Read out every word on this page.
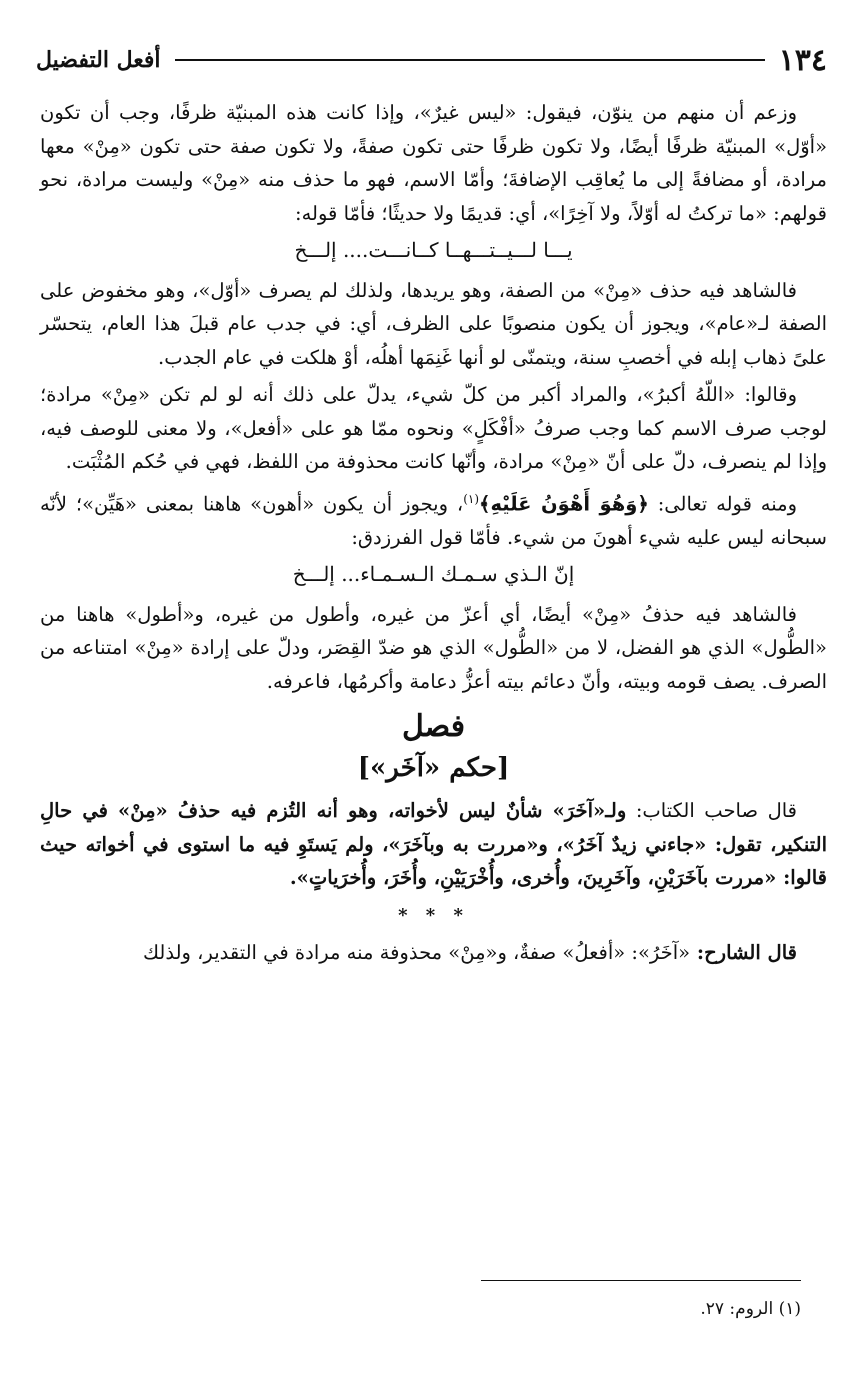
١٣٤
أفعل التفضيل

وزعم أن منهم من ينوّن، فيقول: «ليس غيرٌ»، وإذا كانت هذه المبنيّة ظرفًا، وجب أن تكون «أوّل» المبنيّة ظرفًا أيضًا، ولا تكون ظرفًا حتى تكون صفةً، ولا تكون صفة حتى تكون «مِنْ» معها مرادة، أو مضافةً إلى ما يُعاقِب الإضافةَ؛ وأمّا الاسم، فهو ما حذف منه «مِنْ» وليست مرادة، نحو قولهم: «ما تركتُ له أوّلاً، ولا آخِرًا»، أي: قديمًا ولا حديثًا؛ فأمّا قوله:

يـــا لـــيــتـــهــا كــانـــت.... إلـــخ

فالشاهد فيه حذف «مِنْ» من الصفة، وهو يريدها، ولذلك لم يصرف «أوّل»، وهو مخفوض على الصفة لـ«عام»، ويجوز أن يكون منصوبًا على الظرف، أي: في جدب عام قبلَ هذا العام، يتحسّر علىً ذهاب إبله في أخصبِ سنة، ويتمنّى لو أنها غَنِمَها أهلُه، أوْ هلكت في عام الجدب.

وقالوا: «اللّهُ أكبرُ»، والمراد أكبر من كلّ شيء، يدلّ على ذلك أنه لو لم تكن «مِنْ» مرادة؛ لوجب صرف الاسم كما وجب صرفُ «أفْكَلٍ» ونحوه ممّا هو على «أفعل»، ولا معنى للوصف فيه، وإذا لم ينصرف، دلّ على أنّ «مِنْ» مرادة، وأنّها كانت محذوفة من اللفظ، فهي في حُكم المُثْبَت.

ومنه قوله تعالى: ﴿وَهُوَ أَهْوَنُ عَلَيْهِ﴾$^{(١)}$، ويجوز أن يكون «أهون» هاهنا بمعنى «هَيِّن»؛ لأنّه سبحانه ليس عليه شيء أهونَ من شيء. فأمّا قول الفرزدق:

إنّ الـذي سـمـك الـسـمـاء... إلـــخ

فالشاهد فيه حذفُ «مِنْ» أيضًا، أي أعزّ من غيره، وأطول من غيره، و«أطول» هاهنا من «الطُّول» الذي هو الفضل، لا من «الطُّول» الذي هو ضدّ القِصَر، ودلّ على إرادة «مِنْ» امتناعه من الصرف. يصف قومه وبيته، وأنّ دعائم بيته أعزُّ دعامة وأكرمُها، فاعرفه.

فصل
[حكم «آخَر»]

قال صاحب الكتاب: ولـ«آخَرَ» شأنٌ ليس لأخواته، وهو أنه التُزم فيه حذفُ «مِنْ» في حالِ التنكير، تقول: «جاءني زيدٌ آخَرُ»، و«مررت به وبآخَرَ»، ولم يَستَوِ فيه ما استوى في أخواته حيث قالوا: «مررت بآخَرَيْنِ، وآخَرِينَ، وأُخرى، وأُخْرَيَيْنِ، وأُخَرَ، وأُخرَياتٍ».

* * *

قال الشارح: «آخَرُ»: «أفعلُ» صفةٌ، و«مِنْ» محذوفة منه مرادة في التقدير، ولذلك

(١) الروم: ٢٧.
